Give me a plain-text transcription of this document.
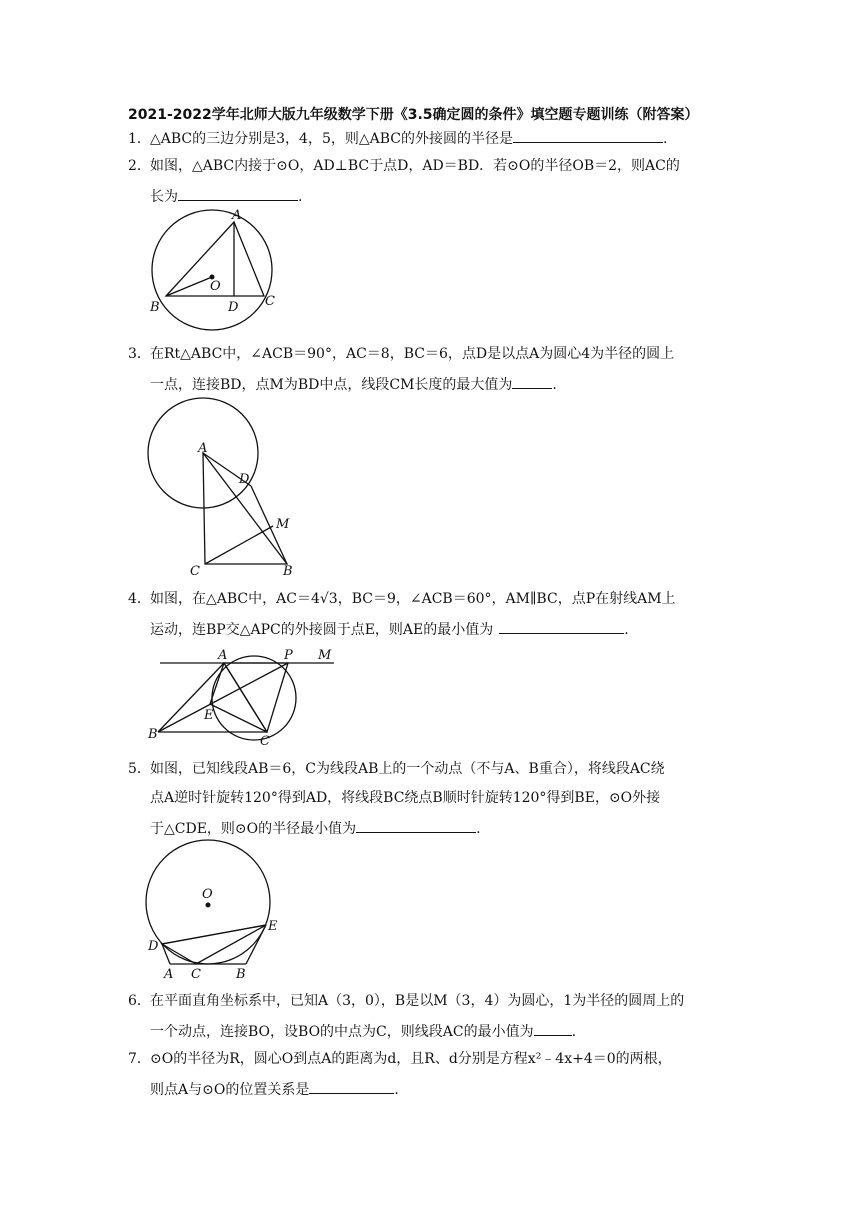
2021-2022学年北师大版九年级数学下册《3.5确定圆的条件》填空题专题训练（附答案）
1．△ABC的三边分别是3，4，5，则△ABC的外接圆的半径是	.
2．如图，△ABC内接于⊙O，AD⊥BC于点D，AD＝BD．若⊙O的半径OB＝2，则AC的
长为	.
A
B	C
D
O
3．在Rt△ABC中，∠ACB＝90°，AC＝8，BC＝6，点D是以点A为圆心4为半径的圆上
一点，连接BD，点M为BD中点，线段CM长度的最大值为	.
A
B
C
D
M
4．如图，在△ABC中，AC＝4√3，BC＝9，∠ACB＝60°，AM∥BC，点P在射线AM上
运动，连BP交△APC的外接圆于点E，则AE的最小值为	.
A	P M
B	C
E
5．如图，已知线段AB＝6，C为线段AB上的一个动点（不与A、B重合），将线段AC绕
点A逆时针旋转120°得到AD，将线段BC绕点B顺时针旋转120°得到BE，⊙O外接
于△CDE，则⊙O的半径最小值为	.
O
D
E
A C	B
6．在平面直角坐标系中，已知A（3，0），B是以M（3，4）为圆心，1为半径的圆周上的
一个动点，连接BO，设BO的中点为C，则线段AC的最小值为	.
7．⊙O的半径为R，圆心O到点A的距离为d，且R、d分别是方程x²﹣4x+4＝0的两根，
则点A与⊙O的位置关系是	.
